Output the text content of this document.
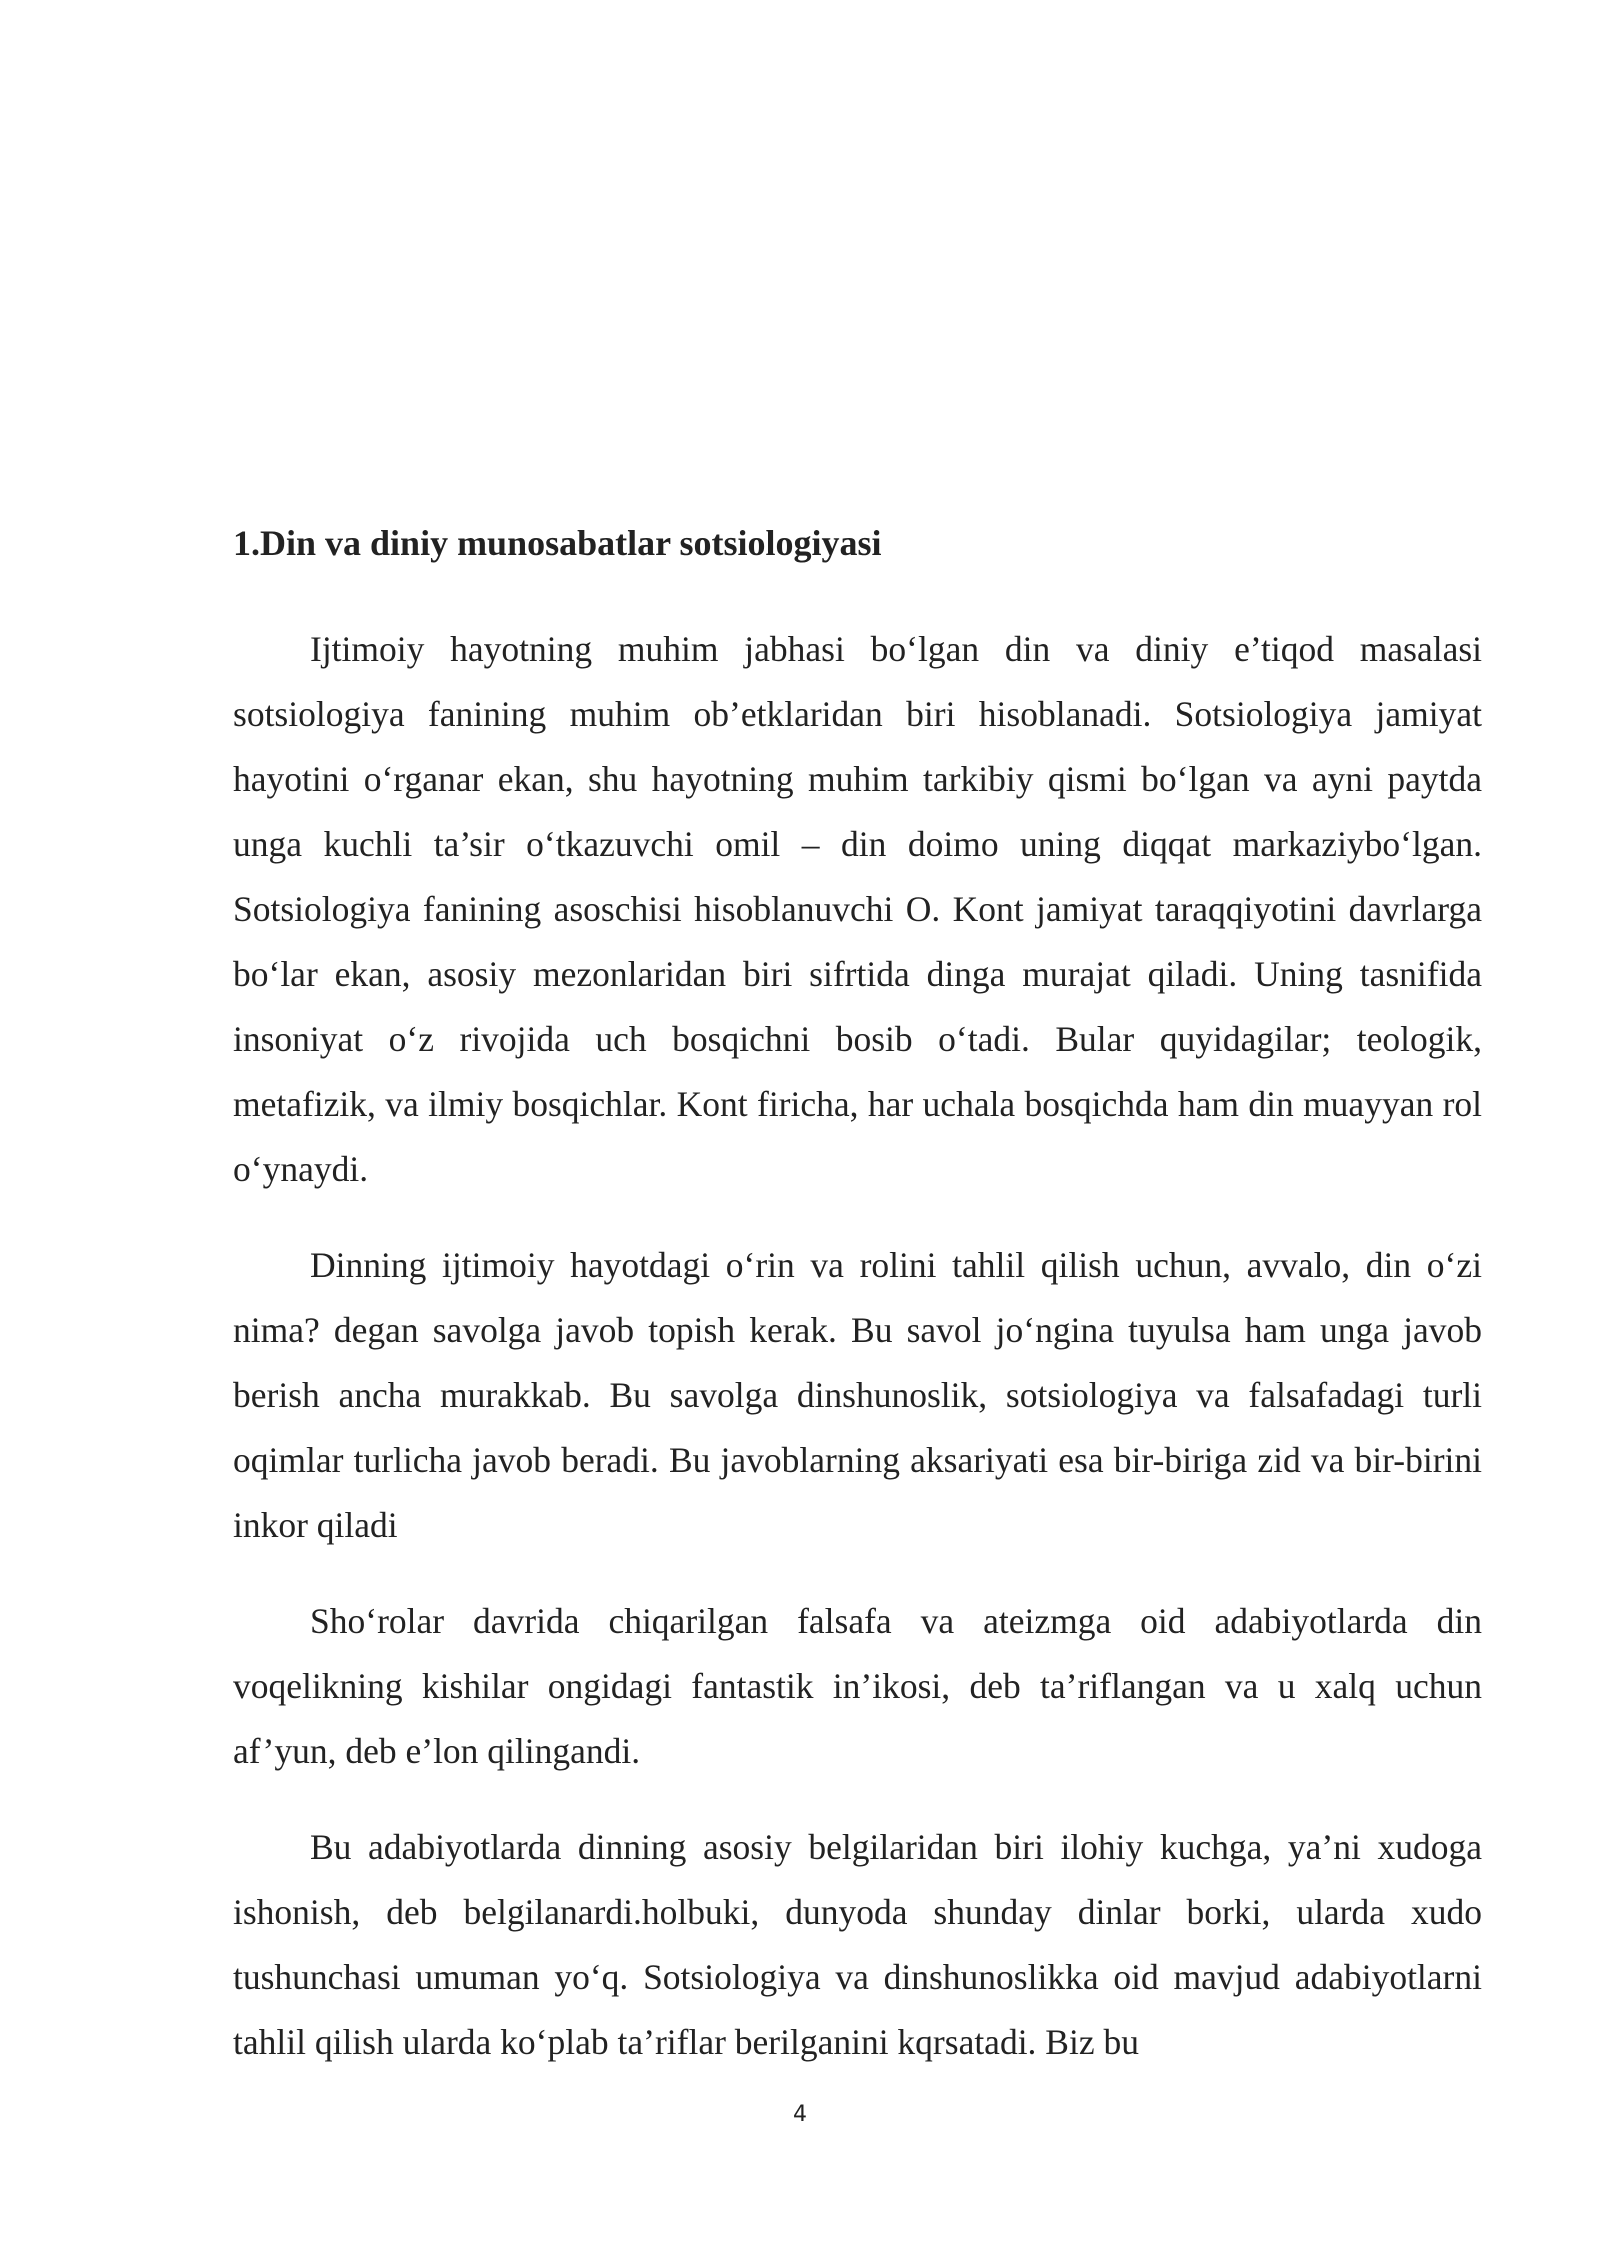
1.Din va diniy munosabatlar sotsiologiyasi

Ijtimoiy hayotning muhim jabhasi bo‘lgan din va diniy e’tiqod masalasi sotsiologiya fanining muhim ob’etklaridan biri hisoblanadi. Sotsiologiya jamiyat hayotini o‘rganar ekan, shu hayotning muhim tarkibiy qismi bo‘lgan va ayni paytda unga kuchli ta’sir o‘tkazuvchi omil – din doimo uning diqqat markaziybo‘lgan. Sotsiologiya fanining asoschisi hisoblanuvchi O. Kont jamiyat taraqqiyotini davrlarga bo‘lar ekan, asosiy mezonlaridan biri sifrtida dinga murajat qiladi. Uning tasnifida insoniyat o‘z rivojida uch bosqichni bosib o‘tadi. Bular quyidagilar; teologik, metafizik, va ilmiy bosqichlar. Kont firicha, har uchala bosqichda ham din muayyan rol o‘ynaydi.

Dinning ijtimoiy hayotdagi o‘rin va rolini tahlil qilish uchun, avvalo, din o‘zi nima? degan savolga javob topish kerak. Bu savol jo‘ngina tuyulsa ham unga javob berish ancha murakkab. Bu savolga dinshunoslik, sotsiologiya va falsafadagi turli oqimlar turlicha javob beradi. Bu javoblarning aksariyati esa bir-biriga zid va bir-birini inkor qiladi

Sho‘rolar davrida chiqarilgan falsafa va ateizmga oid adabiyotlarda din voqelikning kishilar ongidagi fantastik in’ikosi, deb ta’riflangan va u xalq uchun af’yun, deb e’lon qilingandi.

Bu adabiyotlarda dinning asosiy belgilaridan biri ilohiy kuchga, ya’ni xudoga ishonish, deb belgilanardi.holbuki, dunyoda shunday dinlar borki, ularda xudo tushunchasi umuman yo‘q. Sotsiologiya va dinshunoslikka oid mavjud adabiyotlarni tahlil qilish ularda ko‘plab ta’riflar berilganini kqrsatadi. Biz bu

4
